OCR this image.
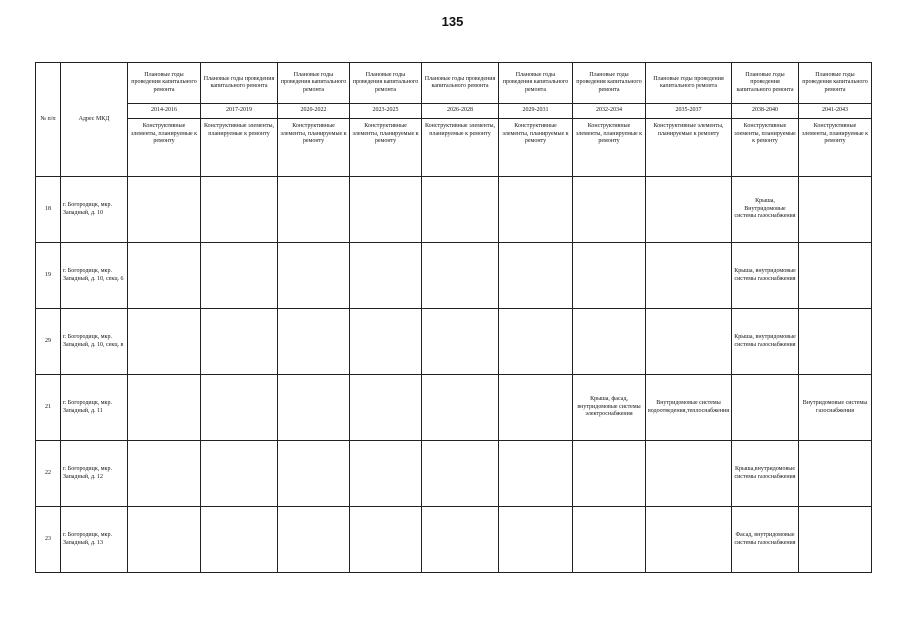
135
№ п/п	Адрес МКД	Плановые годы проведения капитального ремонта	Плановые годы проведения капитального ремонта	Плановые годы проведения капитального ремонта	Плановые годы проведения капитального ремонта	Плановые годы проведения капитального ремонта	Плановые годы проведения капитального ремонта	Плановые годы проведения капитального ремонта	Плановые годы проведения капитального ремонта	Плановые годы проведения капитального ремонта	Плановые годы проведения капитального ремонта
		2014-2016	2017-2019	2020-2022	2023-2025	2026-2028	2029-2031	2032-2034	2035-2037	2038-2040	2041-2043
		Конструктивные элементы, планируемые к ремонту	Конструктивные элементы, планируемые к ремонту	Конструктивные элементы, планируемые к ремонту	Конструктивные элементы, планируемые к ремонту	Конструктивные элементы, планируемые к ремонту	Конструктивные элементы, планируемые к ремонту	Конструктивные элементы, планируемые к ремонту	Конструктивные элементы, планируемые к ремонту	Конструктивные элементы, планируемые к ремонту	Конструктивные элементы, планируемые к ремонту
18	г. Богородицк, мкр. Западный, д. 10									Крыша, Внутридомовые системы газоснабжения	
19	г. Богородицк, мкр. Западный, д. 10, секц. 6									Крыша, внутридомовые системы газоснабжения	
29	г. Богородицк, мкр. Западный, д. 10, секц. в									Крыша, внутридомовые системы газоснабжения	
21	г. Богородицк, мкр. Западный, д. 11							Крыша, фасад, внутридомовые системы электроснабжения	Внутридомовые системы водоотведения,теплоснабжения		Внутридомовые системы газоснабжения
22	г. Богородицк, мкр. Западный, д. 12									Крыша,внутридомовые системы газоснабжения	
23	г. Богородицк, мкр. Западный, д. 13									Фасад, внутридомовые системы газоснабжения	
